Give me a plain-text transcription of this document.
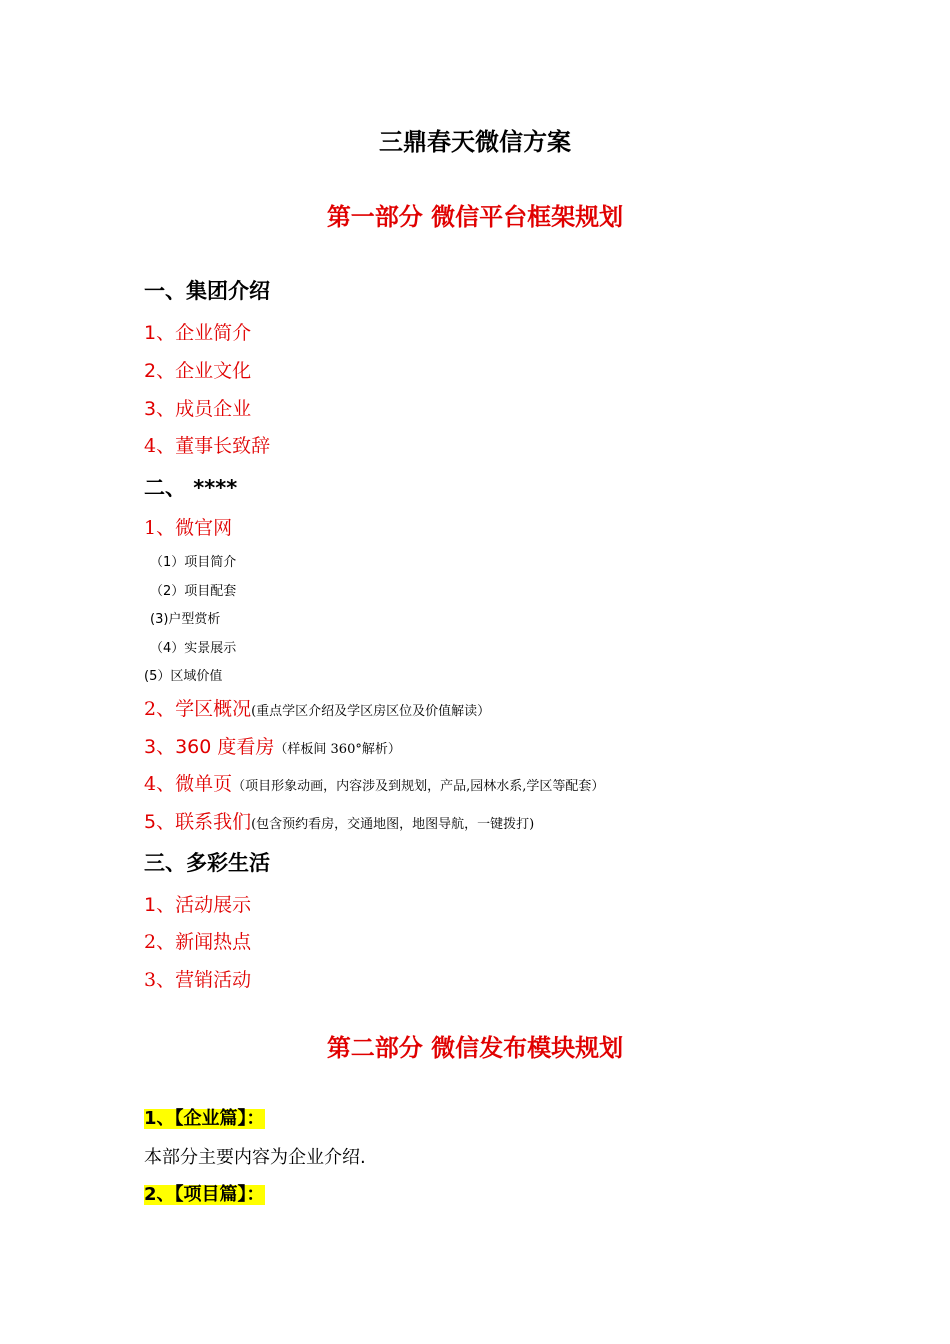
三鼎春天微信方案
第一部分 微信平台框架规划
一、集团介绍
1、企业简介
2、企业文化
3、成员企业
4、董事长致辞
二、 ****
1、微官网
（1）项目简介
（2）项目配套
(3)户型赏析
（4）实景展示
(5）区域价值
2、学区概况(重点学区介绍及学区房区位及价值解读）
3、360 度看房（样板间 360°解析）
4、微单页（项目形象动画，内容涉及到规划，产品,园林水系,学区等配套）
5、联系我们(包含预约看房，交通地图，地图导航，一键拨打)
三、多彩生活
1、活动展示
2、新闻热点
3、营销活动
第二部分 微信发布模块规划
1、【企业篇】：
本部分主要内容为企业介绍.
2、【项目篇】：
